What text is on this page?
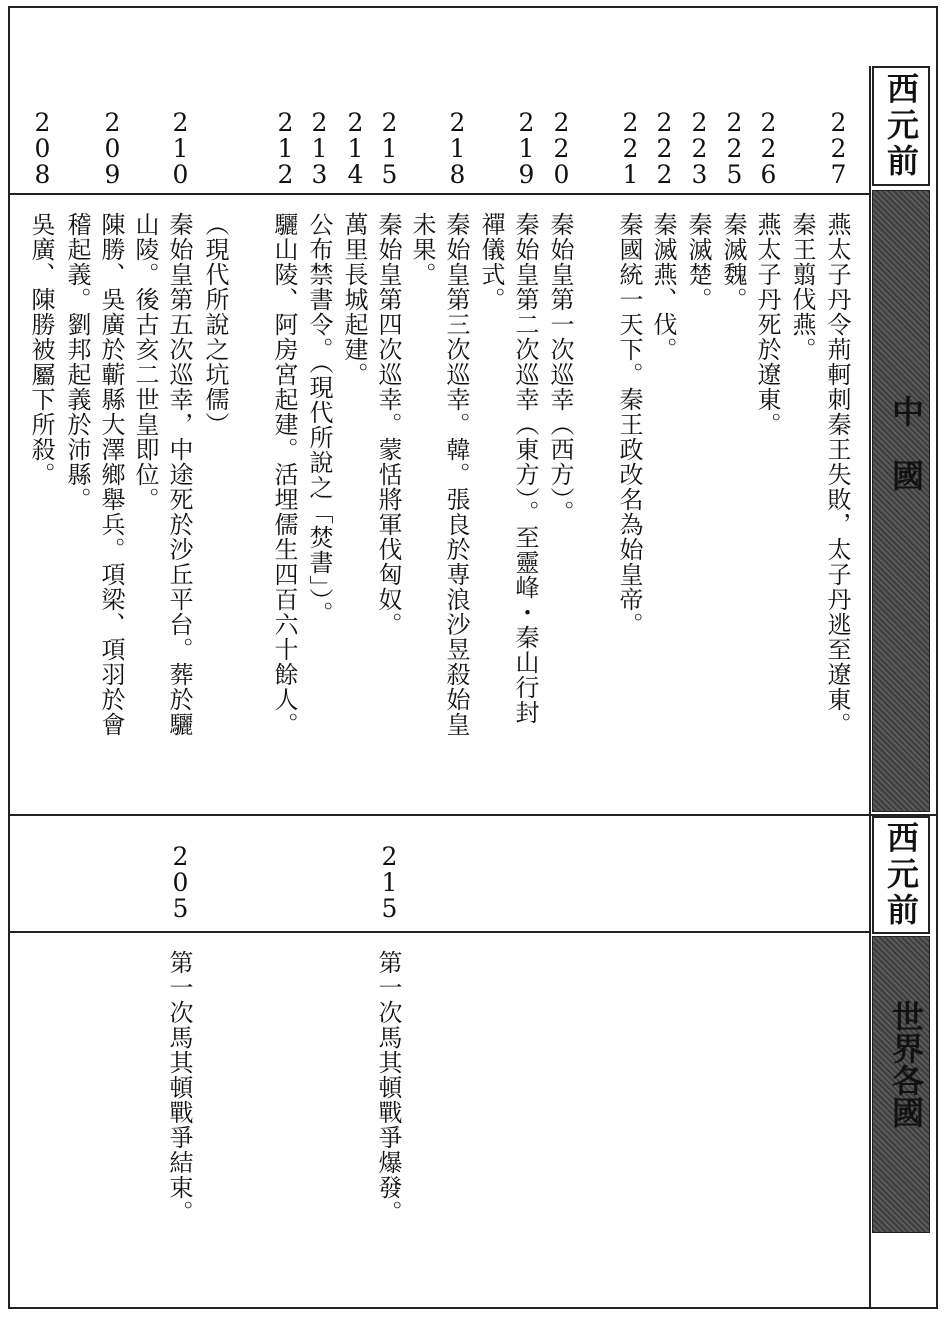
西元前
中　國
西元前
世界各國
227
226
225
223
222
221
220
219
218
215
214
213
212
210
209
208
燕太子丹令荊軻刺秦王失敗，太子丹逃至遼東。
秦王翦伐燕。
燕太子丹死於遼東。
秦滅魏。
秦滅楚。
秦滅燕、伐。
秦國統一天下。秦王政改名為始皇帝。
秦始皇第一次巡幸（西方）。
秦始皇第二次巡幸（東方）。至靈峰・秦山行封
禪儀式。
秦始皇第三次巡幸。韓。張良於専浪沙昱殺始皇
未果。
秦始皇第四次巡幸。蒙恬將軍伐匈奴。
萬里長城起建。
公布禁書令。（現代所說之「焚書」）。
驪山陵、阿房宮起建。活埋儒生四百六十餘人。
（現代所說之坑儒）
秦始皇第五次巡幸，中途死於沙丘平台。葬於驪
山陵。後古亥二世皇即位。
陳勝、吳廣於蘄縣大澤鄉舉兵。項梁、項羽於會
稽起義。劉邦起義於沛縣。
吳廣、陳勝被屬下所殺。
215
205
第一次馬其頓戰爭爆發。
第一次馬其頓戰爭結束。
